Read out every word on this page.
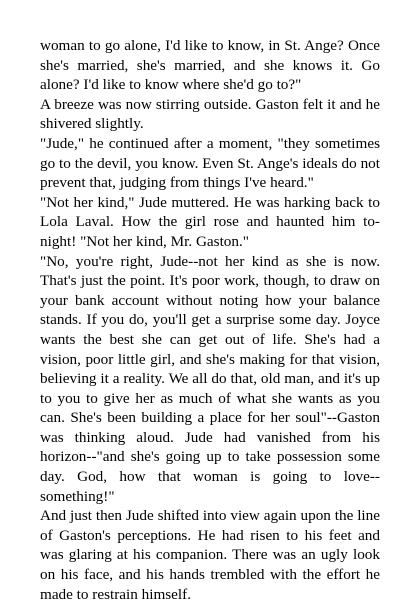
woman to go alone, I'd like to know, in St. Ange? Once she's married, she's married, and she knows it. Go alone? I'd like to know where she'd go to?"

A breeze was now stirring outside. Gaston felt it and he shivered slightly.

"Jude," he continued after a moment, "they sometimes go to the devil, you know. Even St. Ange's ideals do not prevent that, judging from things I've heard."

"Not her kind," Jude muttered. He was harking back to Lola Laval. How the girl rose and haunted him to-night! "Not her kind, Mr. Gaston."

"No, you're right, Jude--not her kind as she is now. That's just the point. It's poor work, though, to draw on your bank account without noting how your balance stands. If you do, you'll get a surprise some day. Joyce wants the best she can get out of life. She's had a vision, poor little girl, and she's making for that vision, believing it a reality. We all do that, old man, and it's up to you to give her as much of what she wants as you can. She's been building a place for her soul"--Gaston was thinking aloud. Jude had vanished from his horizon--"and she's going up to take possession some day. God, how that woman is going to love--something!"

And just then Jude shifted into view again upon the line of Gaston's perceptions. He had risen to his feet and was glaring at his companion. There was an ugly look on his face, and his hands trembled with the effort he made to restrain himself.
